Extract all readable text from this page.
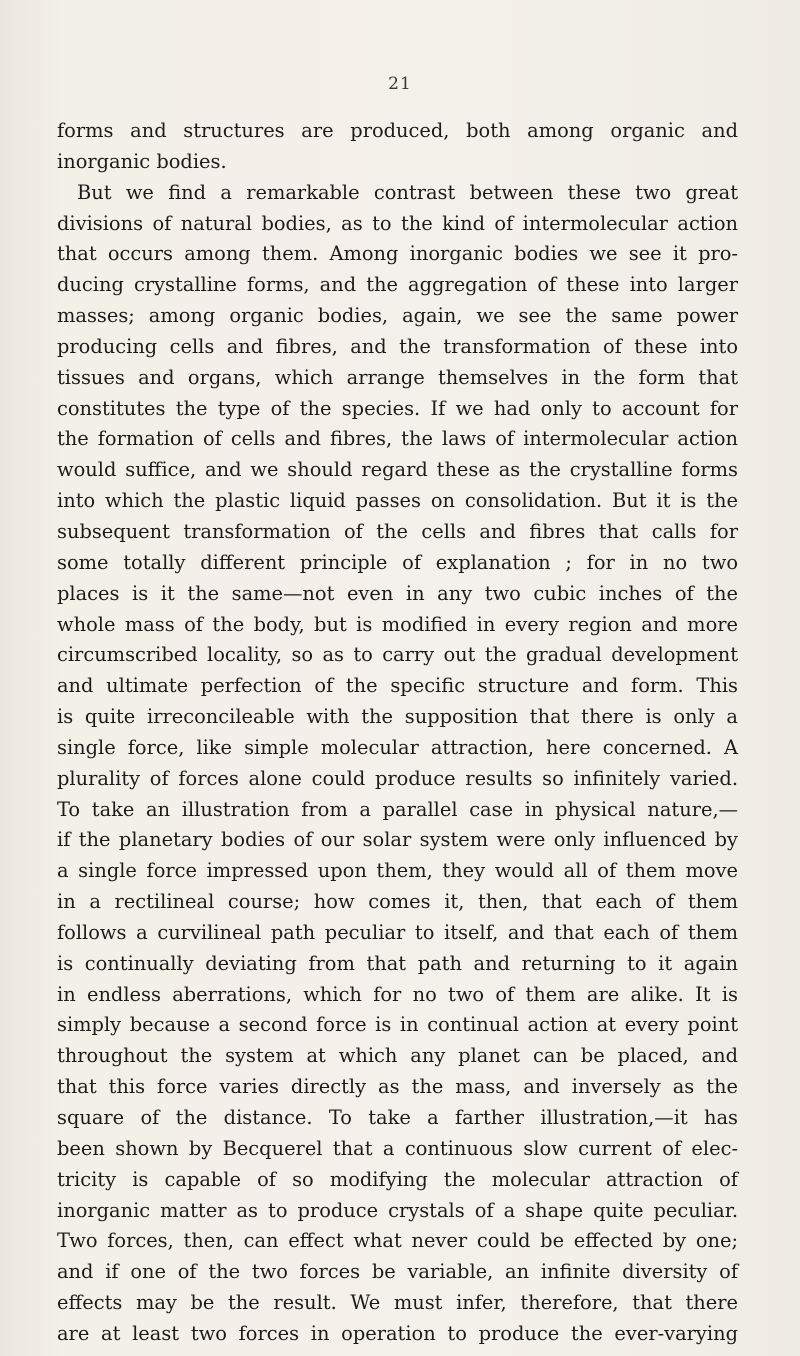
21
forms and structures are produced, both among organic and
inorganic bodies.
But we find a remarkable contrast between these two great
divisions of natural bodies, as to the kind of intermolecular action
that occurs among them. Among inorganic bodies we see it pro-
ducing crystalline forms, and the aggregation of these into larger
masses; among organic bodies, again, we see the same power
producing cells and fibres, and the transformation of these into
tissues and organs, which arrange themselves in the form that
constitutes the type of the species. If we had only to account for
the formation of cells and fibres, the laws of intermolecular action
would suffice, and we should regard these as the crystalline forms
into which the plastic liquid passes on consolidation. But it is the
subsequent transformation of the cells and fibres that calls for
some totally different principle of explanation ; for in no two
places is it the same—not even in any two cubic inches of the
whole mass of the body, but is modified in every region and more
circumscribed locality, so as to carry out the gradual development
and ultimate perfection of the specific structure and form. This
is quite irreconcileable with the supposition that there is only a
single force, like simple molecular attraction, here concerned. A
plurality of forces alone could produce results so infinitely varied.
To take an illustration from a parallel case in physical nature,—
if the planetary bodies of our solar system were only influenced by
a single force impressed upon them, they would all of them move
in a rectilineal course; how comes it, then, that each of them
follows a curvilineal path peculiar to itself, and that each of them
is continually deviating from that path and returning to it again
in endless aberrations, which for no two of them are alike. It is
simply because a second force is in continual action at every point
throughout the system at which any planet can be placed, and
that this force varies directly as the mass, and inversely as the
square of the distance. To take a farther illustration,—it has
been shown by Becquerel that a continuous slow current of elec-
tricity is capable of so modifying the molecular attraction of
inorganic matter as to produce crystals of a shape quite peculiar.
Two forces, then, can effect what never could be effected by one;
and if one of the two forces be variable, an infinite diversity of
effects may be the result. We must infer, therefore, that there
are at least two forces in operation to produce the ever-varying
